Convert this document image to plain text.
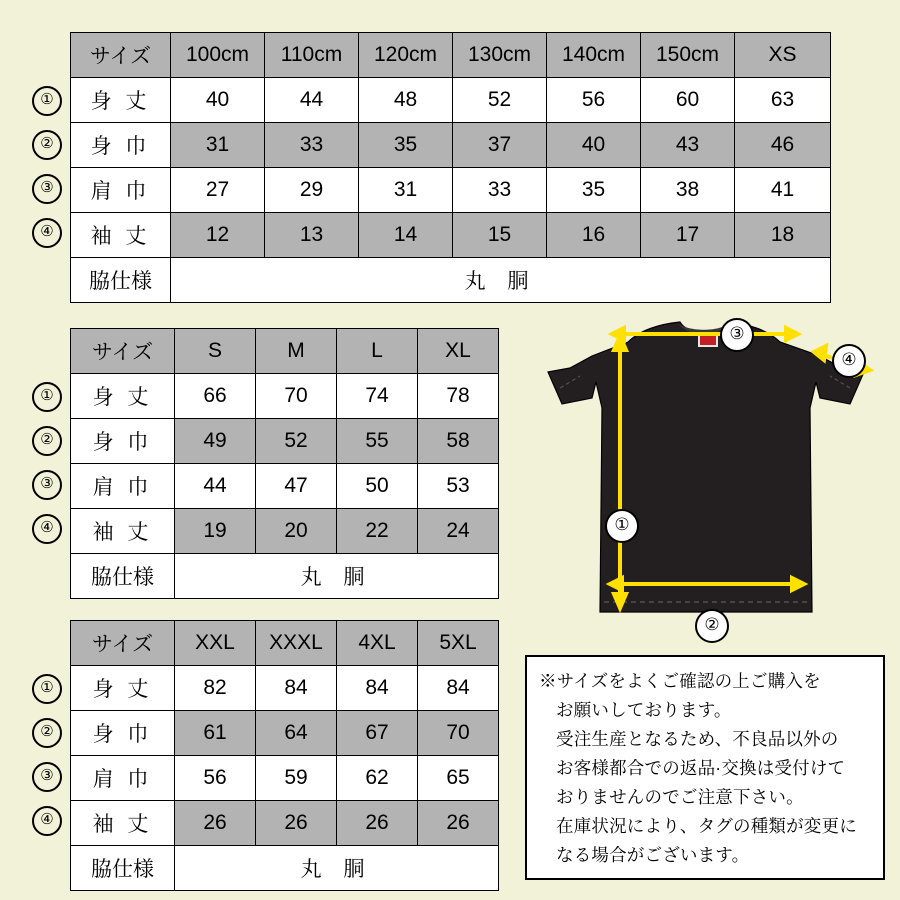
①
②
③
④
サイズ	100cm	110cm	120cm	130cm	140cm	150cm	XS
身 丈	40	44	48	52	56	60	63
身 巾	31	33	35	37	40	43	46
肩 巾	27	29	31	33	35	38	41
袖 丈	12	13	14	15	16	17	18
脇仕様	丸 胴						
①
②
③
④
サイズ	S	M	L	XL
身 丈	66	70	74	78
身 巾	49	52	55	58
肩 巾	44	47	50	53
袖 丈	19	20	22	24
脇仕様	丸 胴			
①
②
③
④
サイズ	XXL	XXXL	4XL	5XL
身 丈	82	84	84	84
身 巾	61	64	67	70
肩 巾	56	59	62	65
袖 丈	26	26	26	26
脇仕様	丸 胴			
③
④
①
②

※サイズをよくご確認の上ご購入を

お願いしております。

受注生産となるため、不良品以外の

お客様都合での返品·交換は受付けて

おりませんのでご注意下さい。

在庫状況により、タグの種類が変更に

なる場合がございます。
